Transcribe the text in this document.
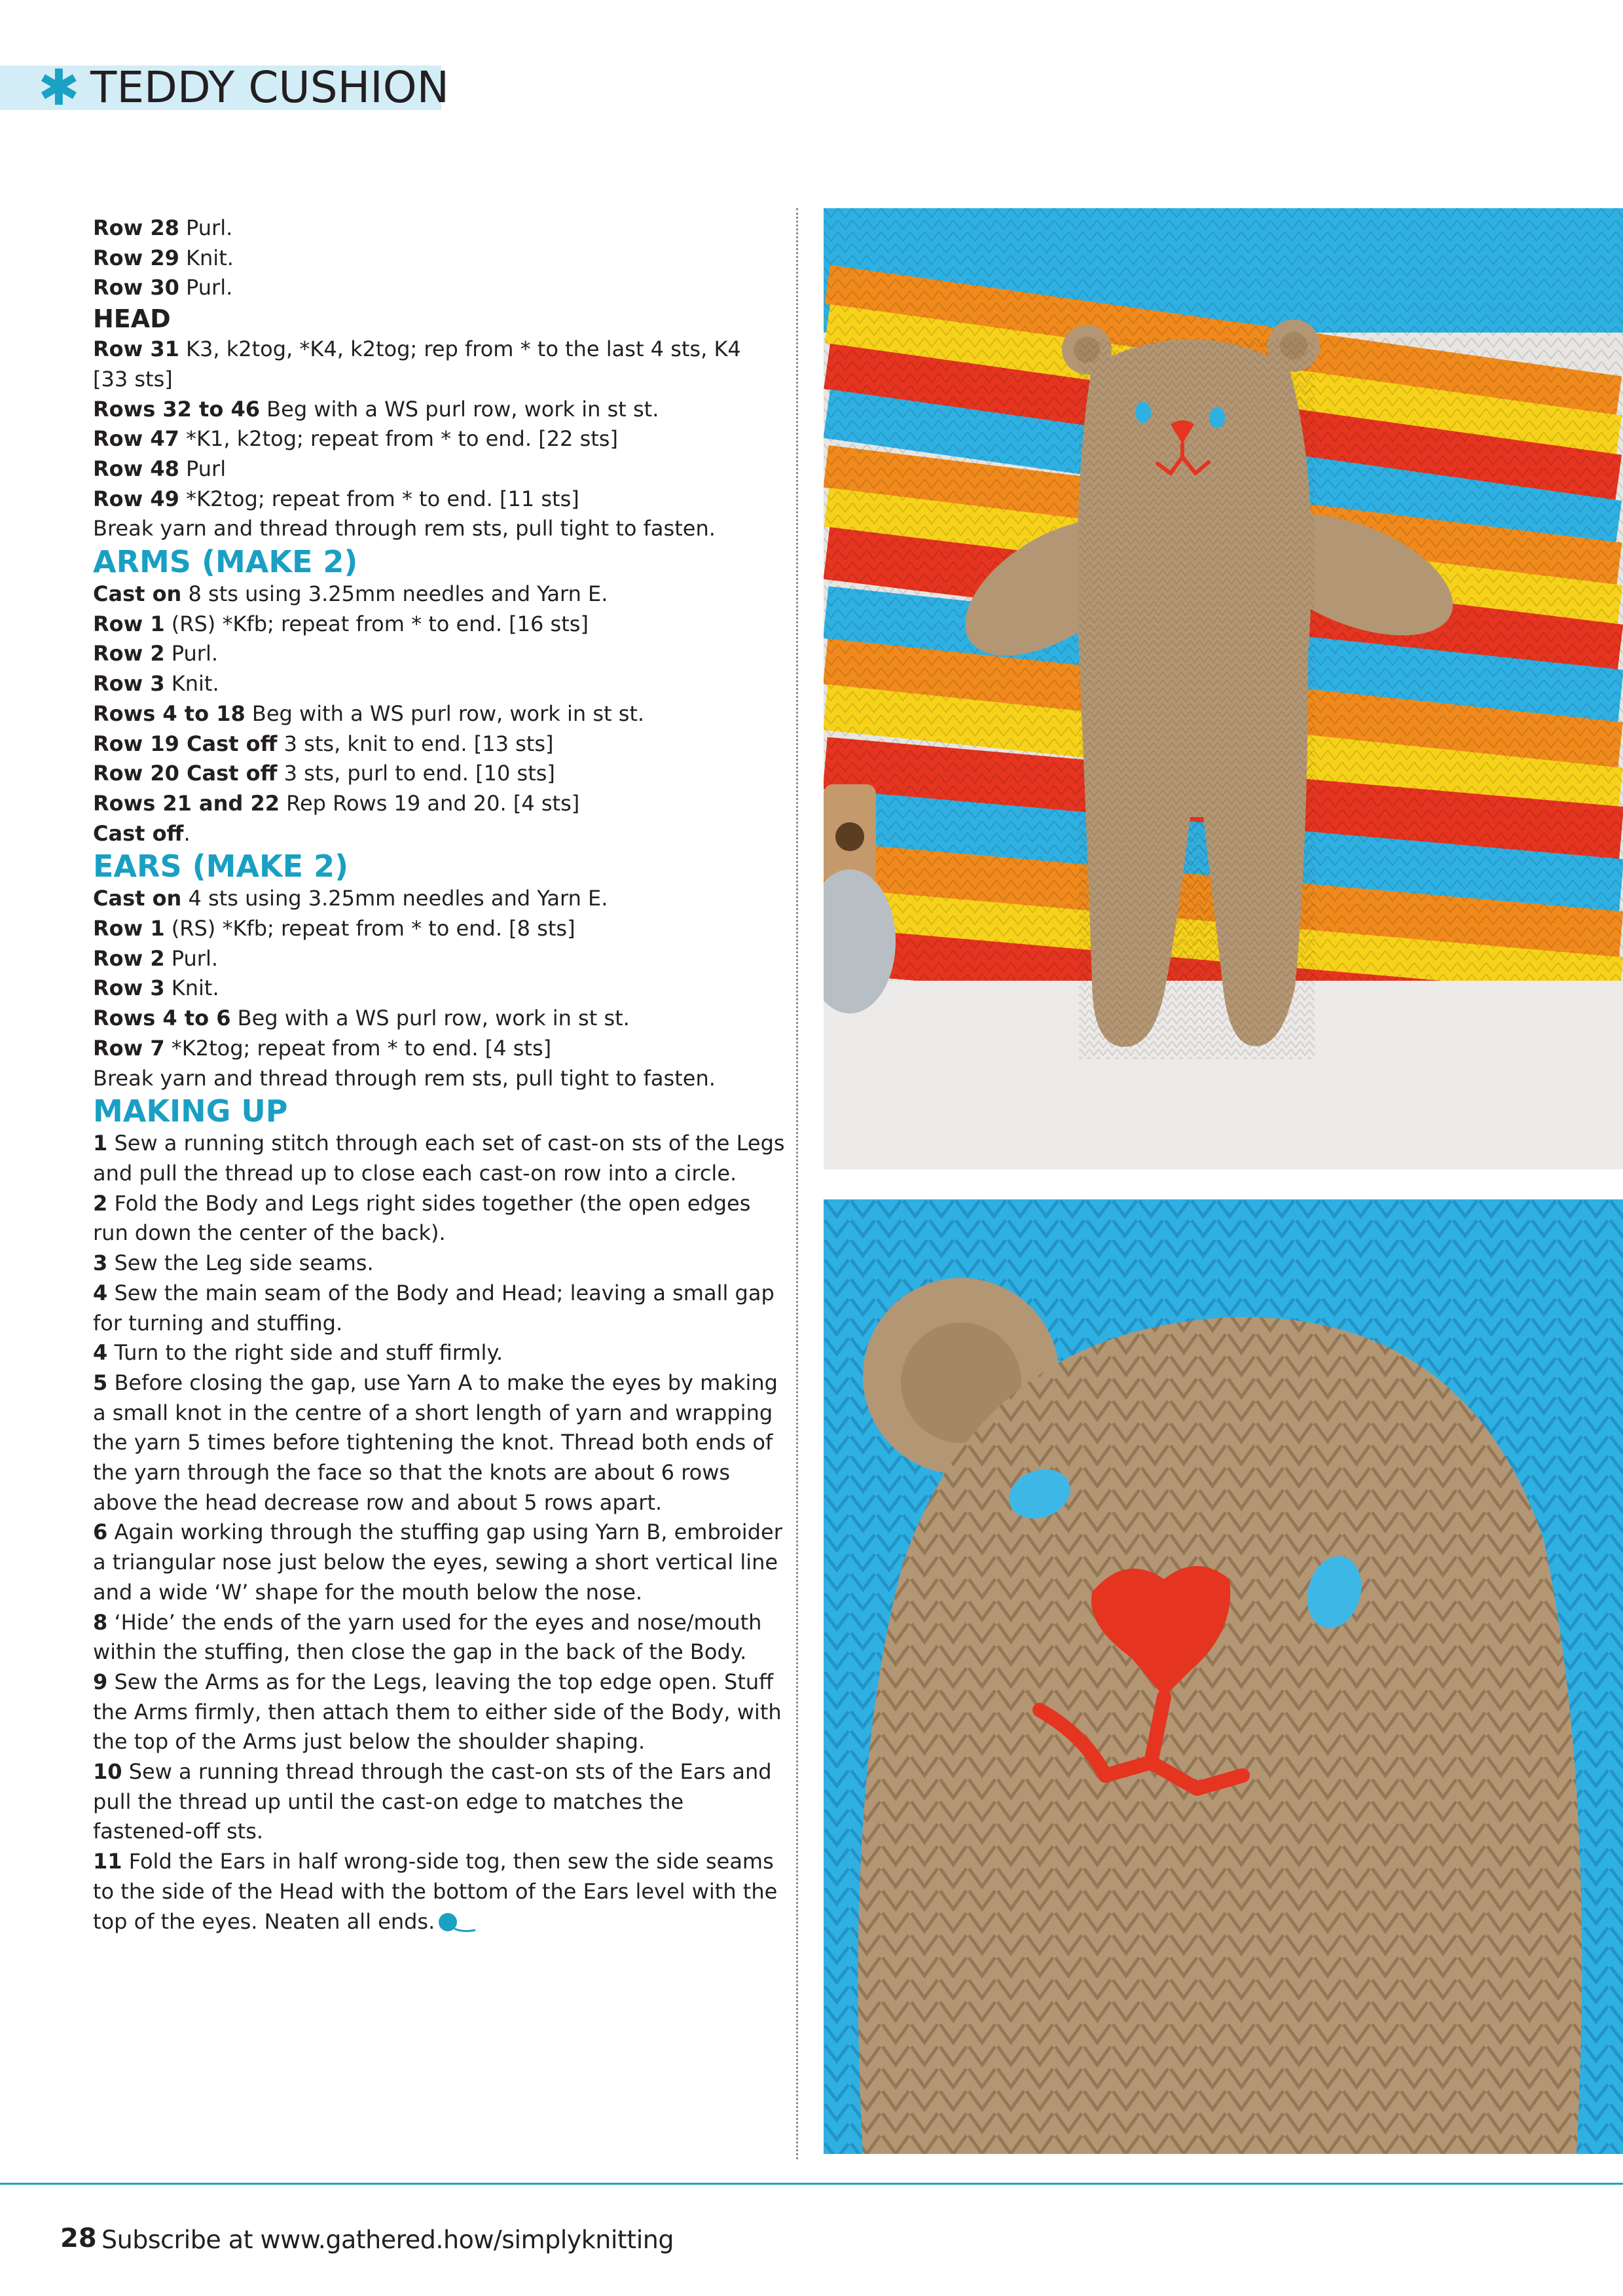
✱ TEDDY CUSHION

Row 28 Purl.

Row 29 Knit.

Row 30 Purl.

HEAD

Row 31 K3, k2tog, *K4, k2tog; rep from * to the last 4 sts, K4

[33 sts]

Rows 32 to 46 Beg with a WS purl row, work in st st.

Row 47 *K1, k2tog; repeat from * to end. [22 sts]

Row 48 Purl

Row 49 *K2tog; repeat from * to end. [11 sts]

Break yarn and thread through rem sts, pull tight to fasten.

ARMS (MAKE 2)

Cast on 8 sts using 3.25mm needles and Yarn E.

Row 1 (RS) *Kfb; repeat from * to end. [16 sts]

Row 2 Purl.

Row 3 Knit.

Rows 4 to 18 Beg with a WS purl row, work in st st.

Row 19 Cast off 3 sts, knit to end. [13 sts]

Row 20 Cast off 3 sts, purl to end. [10 sts]

Rows 21 and 22 Rep Rows 19 and 20. [4 sts]

Cast off.

EARS (MAKE 2)

Cast on 4 sts using 3.25mm needles and Yarn E.

Row 1 (RS) *Kfb; repeat from * to end. [8 sts]

Row 2 Purl.

Row 3 Knit.

Rows 4 to 6 Beg with a WS purl row, work in st st.

Row 7 *K2tog; repeat from * to end. [4 sts]

Break yarn and thread through rem sts, pull tight to fasten.

MAKING UP

1 Sew a running stitch through each set of cast-on sts of the Legs and pull the thread up to close each cast-on row into a circle.

2 Fold the Body and Legs right sides together (the open edges run down the center of the back).

3 Sew the Leg side seams.

4 Sew the main seam of the Body and Head; leaving a small gap for turning and stuffing.

4 Turn to the right side and stuff firmly.

5 Before closing the gap, use Yarn A to make the eyes by making a small knot in the centre of a short length of yarn and wrapping the yarn 5 times before tightening the knot. Thread both ends of the yarn through the face so that the knots are about 6 rows above the head decrease row and about 5 rows apart.

6 Again working through the stuffing gap using Yarn B, embroider a triangular nose just below the eyes, sewing a short vertical line and a wide ‘W’ shape for the mouth below the nose.

8 ‘Hide’ the ends of the yarn used for the eyes and nose/mouth within the stuffing, then close the gap in the back of the Body.

9 Sew the Arms as for the Legs, leaving the top edge open. Stuff the Arms firmly, then attach them to either side of the Body, with the top of the Arms just below the shoulder shaping.

10 Sew a running thread through the cast-on sts of the Ears and pull the thread up until the cast-on edge to matches the fastened-off sts.

11 Fold the Ears in half wrong-side tog, then sew the side seams to the side of the Head with the bottom of the Ears level with the top of the eyes. Neaten all ends.

28 Subscribe at www.gathered.how/simplyknitting
